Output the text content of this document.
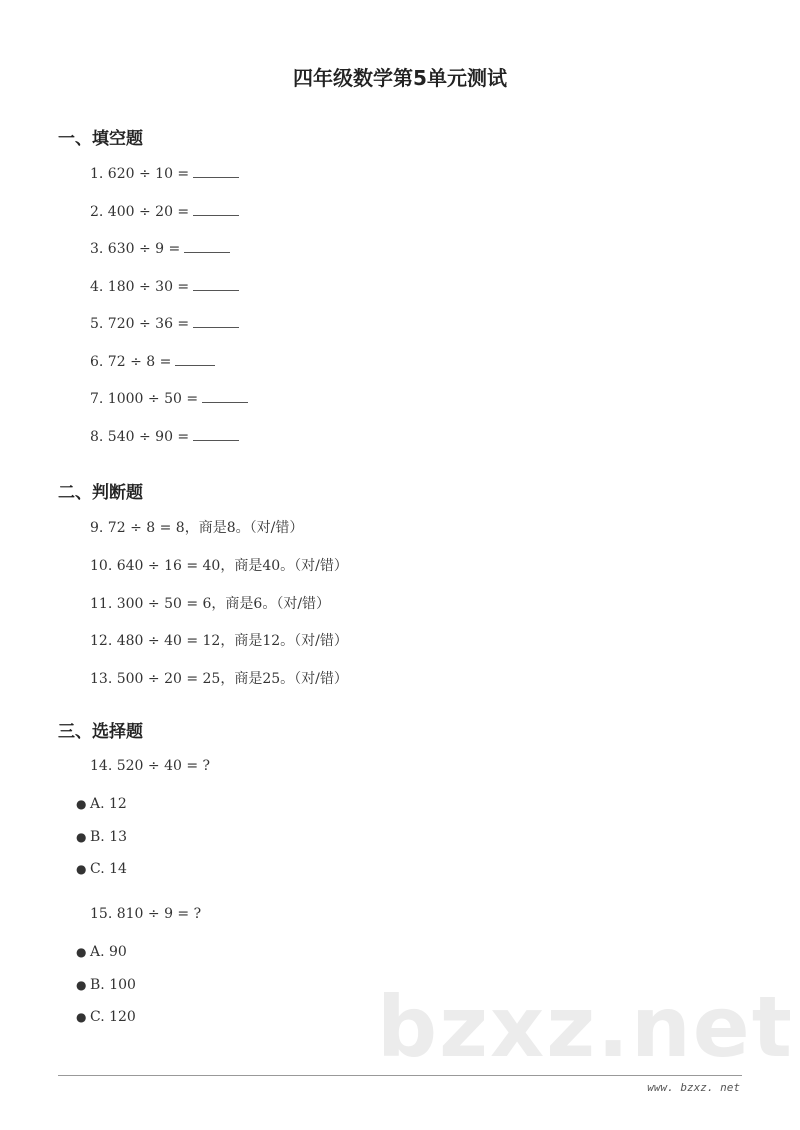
四年级数学第5单元测试
一、填空题
1. 620 ÷ 10 =
2. 400 ÷ 20 =
3. 630 ÷ 9 =
4. 180 ÷ 30 =
5. 720 ÷ 36 =
6. 72 ÷ 8 =
7. 1000 ÷ 50 =
8. 540 ÷ 90 =
二、判断题
9. 72 ÷ 8 = 8，商是8。（对/错）
10. 640 ÷ 16 = 40，商是40。（对/错）
11. 300 ÷ 50 = 6，商是6。（对/错）
12. 480 ÷ 40 = 12，商是12。（对/错）
13. 500 ÷ 20 = 25，商是25。（对/错）
三、选择题
14. 520 ÷ 40 = ?
● A. 12
● B. 13
● C. 14
15. 810 ÷ 9 = ?
● A. 90
● B. 100
● C. 120	bzxz.net
www. bzxz. net
